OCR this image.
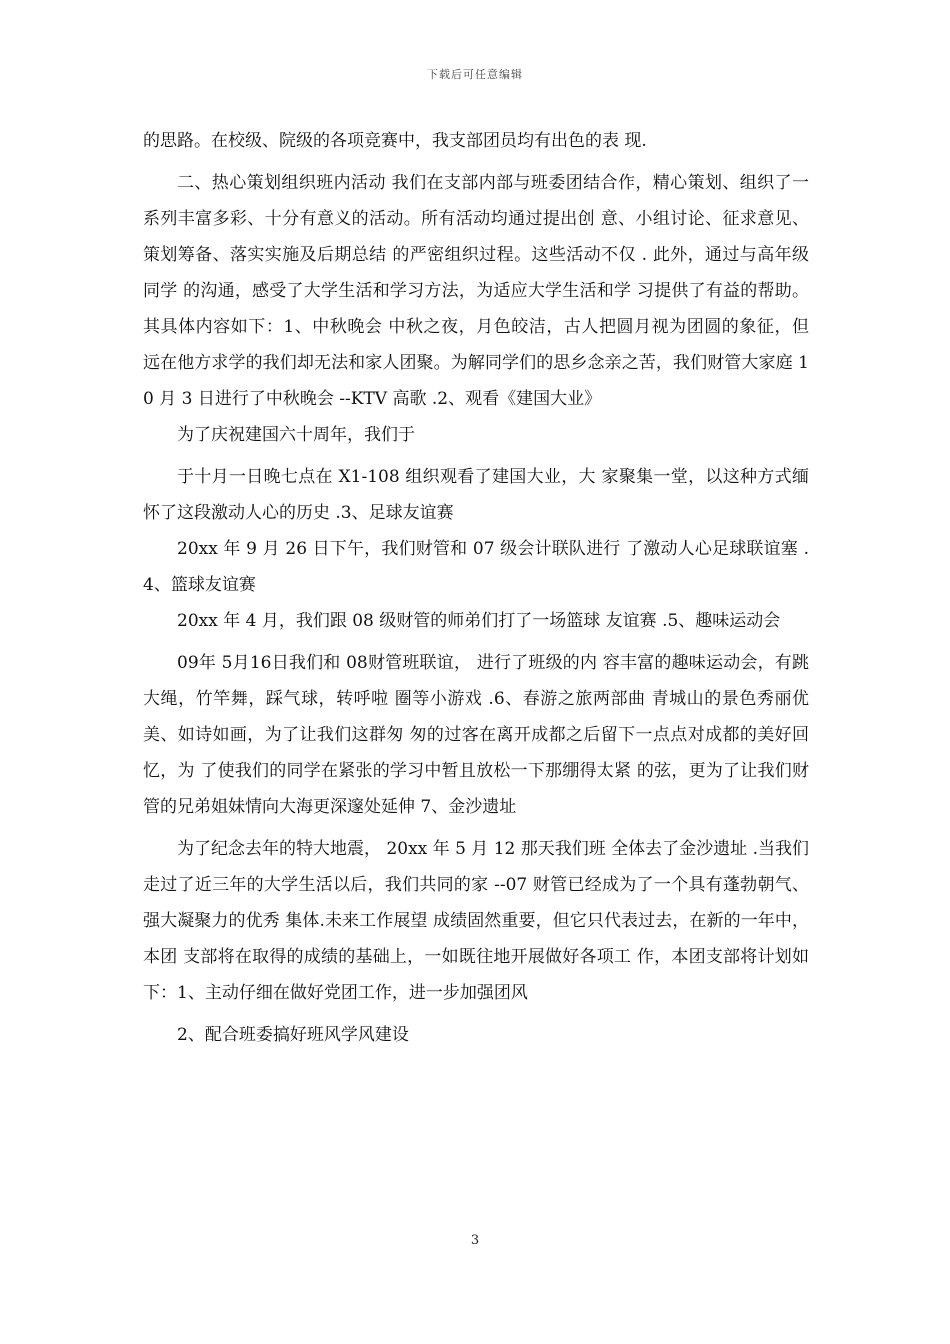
下载后可任意编辑

的思路。在校级、院级的各项竞赛中，我支部团员均有出色的表 现.

二、热心策划组织班内活动 我们在支部内部与班委团结合作，精心策划、组织了一 系列丰富多彩、十分有意义的活动。所有活动均通过提出创 意、小组讨论、征求意见、策划筹备、落实实施及后期总结 的严密组织过程。这些活动不仅 . 此外，通过与高年级同学 的沟通，感受了大学生活和学习方法，为适应大学生活和学 习提供了有益的帮助。其具体内容如下：1、中秋晚会 中秋之夜，月色皎洁，古人把圆月视为团圆的象征，但 远在他方求学的我们却无法和家人团聚。为解同学们的思乡念亲之苦，我们财管大家庭 10 月 3 日进行了中秋晚会 --KTV 高歌 .2、观看《建国大业》

为了庆祝建国六十周年，我们于

于十月一日晚七点在 X1-108 组织观看了建国大业，大 家聚集一堂，以这种方式缅怀了这段激动人心的历史 .3、足球友谊赛

20xx 年 9 月 26 日下午，我们财管和 07 级会计联队进行 了激动人心足球联谊塞 .4、篮球友谊赛

20xx 年 4 月，我们跟 08 级财管的师弟们打了一场篮球 友谊赛 .5、趣味运动会

09年 5月16日我们和 08财管班联谊， 进行了班级的内 容丰富的趣味运动会，有跳大绳，竹竿舞，踩气球，转呼啦 圈等小游戏 .6、春游之旅两部曲 青城山的景色秀丽优美、如诗如画，为了让我们这群匆 匆的过客在离开成都之后留下一点点对成都的美好回忆，为 了使我们的同学在紧张的学习中暂且放松一下那绷得太紧 的弦，更为了让我们财管的兄弟姐妹情向大海更深邃处延伸 7、金沙遗址

为了纪念去年的特大地震， 20xx 年 5 月 12 那天我们班 全体去了金沙遗址 .当我们走过了近三年的大学生活以后，我们共同的家 --07 财管已经成为了一个具有蓬勃朝气、 强大凝聚力的优秀 集体.未来工作展望 成绩固然重要，但它只代表过去，在新的一年中，本团 支部将在取得的成绩的基础上，一如既往地开展做好各项工 作，本团支部将计划如下：1、主动仔细在做好党团工作，进一步加强团风

2、配合班委搞好班风学风建设

3
